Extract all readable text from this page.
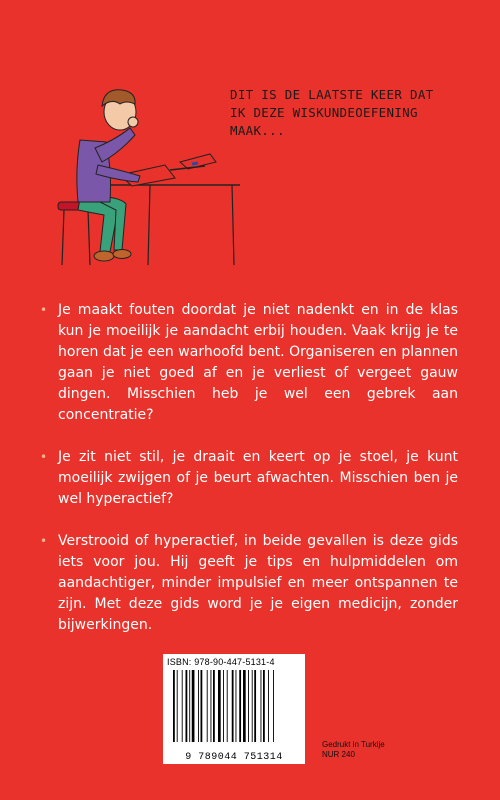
DIT IS DE LAATSTE KEER DAT
IK DEZE WISKUNDEOEFENING MAAK...
• Je maakt fouten doordat je niet nadenkt en in de klas kun je moeilijk je aandacht erbij houden. Vaak krijg je te horen dat je een warhoofd bent. Organiseren en plannen gaan je niet goed af en je verliest of vergeet gauw dingen. Misschien heb je wel een gebrek aan concentratie?
• Je zit niet stil, je draait en keert op je stoel, je kunt moeilijk zwijgen of je beurt afwachten. Misschien ben je wel hyperactief?
• Verstrooid of hyperactief, in beide gevallen is deze gids iets voor jou. Hij geeft je tips en hulpmiddelen om aandachtiger, minder impulsief en meer ontspannen te zijn. Met deze gids word je je eigen medicijn, zonder bijwerkingen.
ISBN: 978-90-447-5131-4
9 789044 751314
Gedrukt in Turkije
NUR 240
